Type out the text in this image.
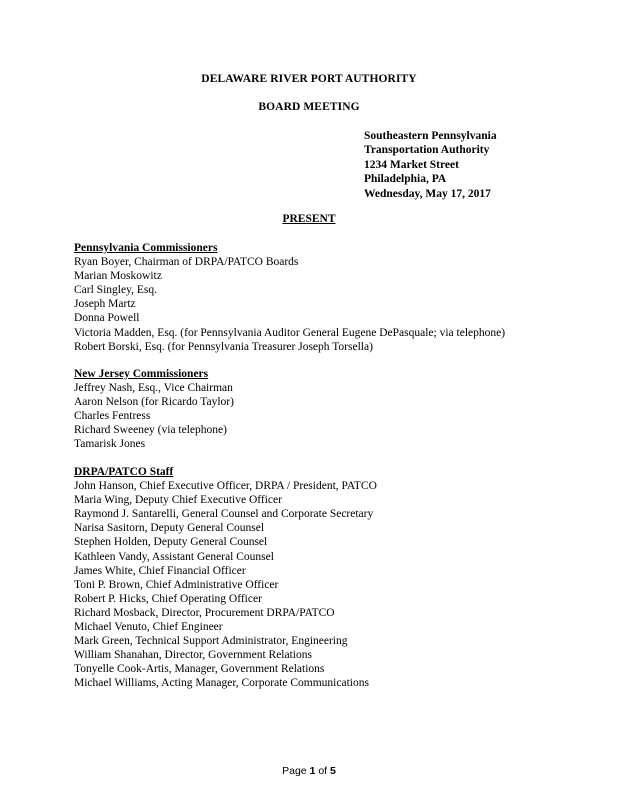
DELAWARE RIVER PORT AUTHORITY
BOARD MEETING
Southeastern Pennsylvania
Transportation Authority
1234 Market Street
Philadelphia, PA
Wednesday, May 17, 2017
PRESENT
Pennsylvania Commissioners
Ryan Boyer, Chairman of DRPA/PATCO Boards
Marian Moskowitz
Carl Singley, Esq.
Joseph Martz
Donna Powell
Victoria Madden, Esq. (for Pennsylvania Auditor General Eugene DePasquale; via telephone)
Robert Borski, Esq. (for Pennsylvania Treasurer Joseph Torsella)
New Jersey Commissioners
Jeffrey Nash, Esq., Vice Chairman
Aaron Nelson (for Ricardo Taylor)
Charles Fentress
Richard Sweeney (via telephone)
Tamarisk Jones
DRPA/PATCO Staff
John Hanson, Chief Executive Officer, DRPA / President, PATCO
Maria Wing, Deputy Chief Executive Officer
Raymond J. Santarelli, General Counsel and Corporate Secretary
Narisa Sasitorn, Deputy General Counsel
Stephen Holden, Deputy General Counsel
Kathleen Vandy, Assistant General Counsel
James White, Chief Financial Officer
Toni P. Brown, Chief Administrative Officer
Robert P. Hicks, Chief Operating Officer
Richard Mosback, Director, Procurement DRPA/PATCO
Michael Venuto, Chief Engineer
Mark Green, Technical Support Administrator, Engineering
William Shanahan, Director, Government Relations
Tonyelle Cook-Artis, Manager, Government Relations
Michael Williams, Acting Manager, Corporate Communications
Page 1 of 5
